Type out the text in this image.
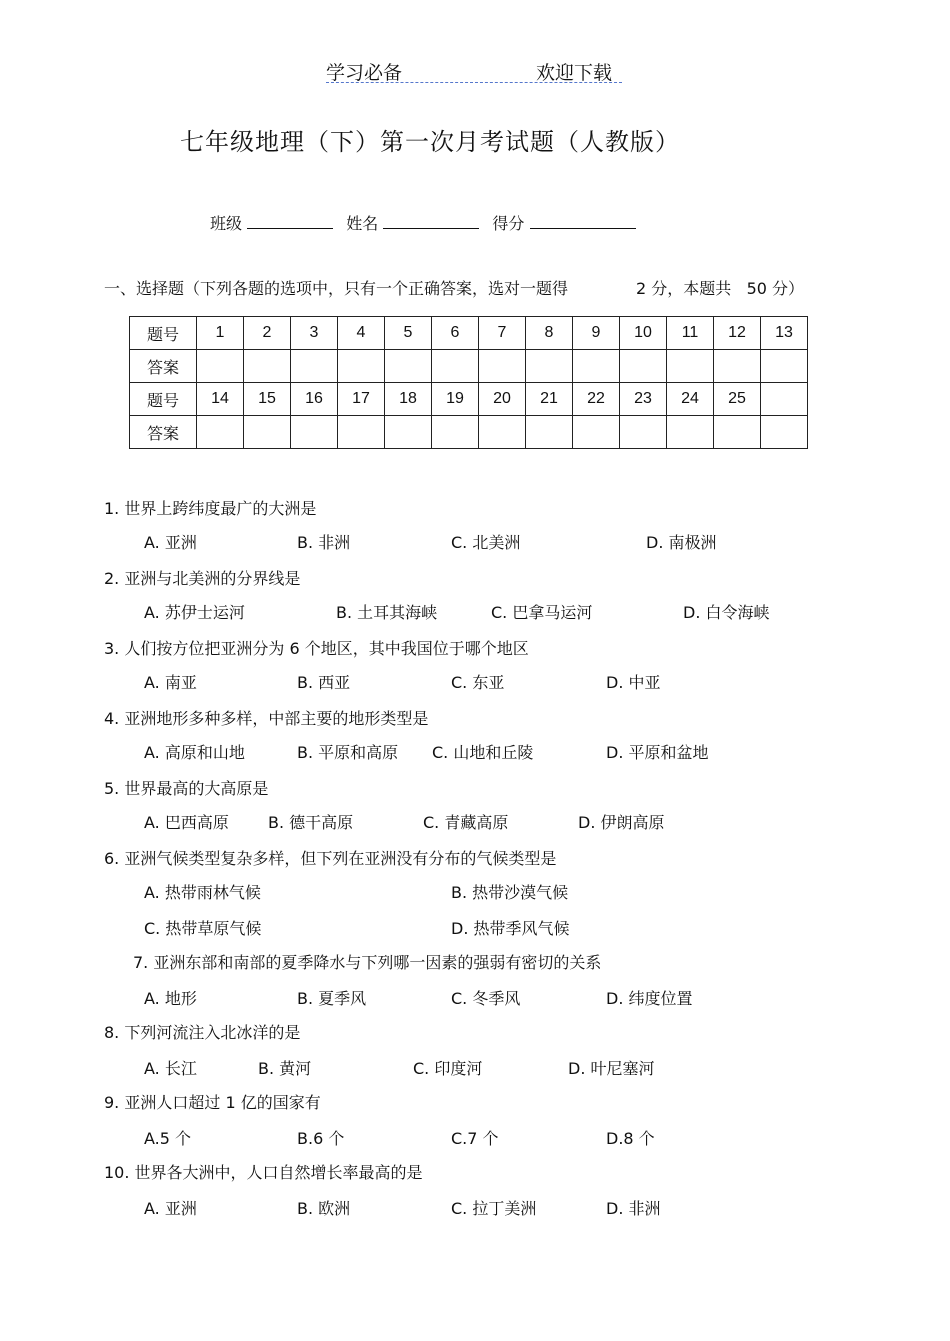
学习必备	欢迎下载
七年级地理（下）第一次月考试题（人教版）
班级	姓名	得分
一、选择题（下列各题的选项中，只有一个正确答案，选对一题得	2 分，本题共 50 分）
题号	1	2	3	4	5	6	7	8	9	10	11	12	13
答案													
题号	14	15	16	17	18	19	20	21	22	23	24	25	
答案													
1. 世界上跨纬度最广的大洲是
A. 亚洲	B. 非洲	C. 北美洲	D. 南极洲
2. 亚洲与北美洲的分界线是
A. 苏伊士运河	B. 土耳其海峡	C. 巴拿马运河	D. 白令海峡
3. 人们按方位把亚洲分为 6 个地区，其中我国位于哪个地区
A. 南亚	B. 西亚	C. 东亚	D. 中亚
4. 亚洲地形多种多样，中部主要的地形类型是
A. 高原和山地	B. 平原和高原 C. 山地和丘陵	D. 平原和盆地
5. 世界最高的大高原是
A. 巴西高原 B. 德干高原	C. 青藏高原	D. 伊朗高原
6. 亚洲气候类型复杂多样，但下列在亚洲没有分布的气候类型是
A. 热带雨林气候	B. 热带沙漠气候
C. 热带草原气候	D. 热带季风气候
7. 亚洲东部和南部的夏季降水与下列哪一因素的强弱有密切的关系
A. 地形	B. 夏季风	C. 冬季风	D. 纬度位置
8. 下列河流注入北冰洋的是
A. 长江	B. 黄河	C. 印度河	D. 叶尼塞河
9. 亚洲人口超过 1 亿的国家有
A.5 个	B.6 个	C.7 个	D.8 个
10. 世界各大洲中，人口自然增长率最高的是
A. 亚洲	B. 欧洲	C. 拉丁美洲	D. 非洲
